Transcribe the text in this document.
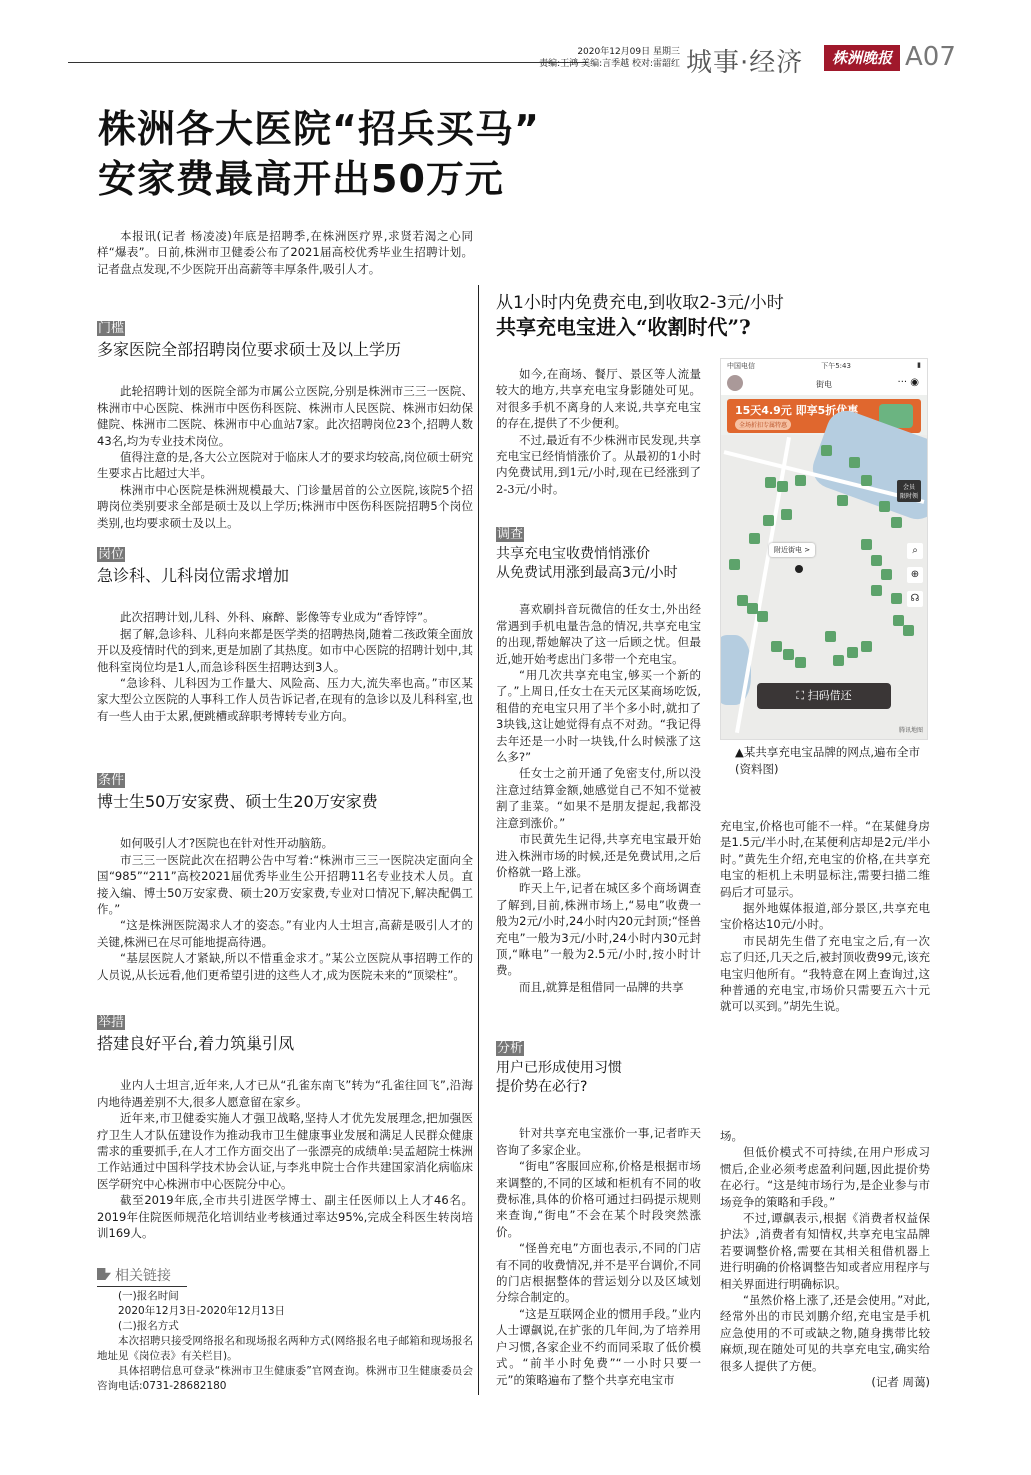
2020年12月09日 星期三
责编:王鸿 美编:言季越 校对:雷韶红 城事·经济	株洲晚报 A07
株洲各大医院“招兵买马”
安家费最高开出50万元

本报讯(记者 杨凌凌)年底是招聘季,在株洲医疗界,求贤若渴之心同样“爆表”。日前,株洲市卫健委公布了2021届高校优秀毕业生招聘计划。记者盘点发现,不少医院开出高薪等丰厚条件,吸引人才。

门槛
多家医院全部招聘岗位要求硕士及以上学历

此轮招聘计划的医院全部为市属公立医院,分别是株洲市三三一医院、株洲市中心医院、株洲市中医伤科医院、株洲市人民医院、株洲市妇幼保健院、株洲市二医院、株洲市中心血站7家。此次招聘岗位23个,招聘人数43名,均为专业技术岗位。

值得注意的是,各大公立医院对于临床人才的要求均较高,岗位硕士研究生要求占比超过大半。

株洲市中心医院是株洲规模最大、门诊量居首的公立医院,该院5个招聘岗位类别要求全部是硕士及以上学历;株洲市中医伤科医院招聘5个岗位类别,也均要求硕士及以上。

岗位
急诊科、儿科岗位需求增加

此次招聘计划,儿科、外科、麻醉、影像等专业成为“香饽饽”。

据了解,急诊科、儿科向来都是医学类的招聘热岗,随着二孩政策全面放开以及疫情时代的到来,更是加剧了其热度。如市中心医院的招聘计划中,其他科室岗位均是1人,而急诊科医生招聘达到3人。

“急诊科、儿科因为工作量大、风险高、压力大,流失率也高。”市区某家大型公立医院的人事科工作人员告诉记者,在现有的急诊以及儿科科室,也有一些人由于太累,便跳槽或辞职考博转专业方向。

条件
博士生50万安家费、硕士生20万安家费

如何吸引人才?医院也在针对性开动脑筋。

市三三一医院此次在招聘公告中写着:“株洲市三三一医院决定面向全国“985”“211”高校2021届优秀毕业生公开招聘11名专业技术人员。直接入编、博士50万安家费、硕士20万安家费,专业对口情况下,解决配偶工作。”

“这是株洲医院渴求人才的姿态。”有业内人士坦言,高薪是吸引人才的关键,株洲已在尽可能地提高待遇。

“基层医院人才紧缺,所以不惜重金求才。”某公立医院从事招聘工作的人员说,从长远看,他们更希望引进的这些人才,成为医院未来的“顶梁柱”。

举措
搭建良好平台,着力筑巢引凤

业内人士坦言,近年来,人才已从“孔雀东南飞”转为“孔雀往回飞”,沿海内地待遇差别不大,很多人愿意留在家乡。

近年来,市卫健委实施人才强卫战略,坚持人才优先发展理念,把加强医疗卫生人才队伍建设作为推动我市卫生健康事业发展和满足人民群众健康需求的重要抓手,在人才工作方面交出了一张漂亮的成绩单:吴孟超院士株洲工作站通过中国科学技术协会认证,与李兆申院士合作共建国家消化病临床医学研究中心株洲市中心医院分中心。

截至2019年底,全市共引进医学博士、副主任医师以上人才46名。2019年住院医师规范化培训结业考核通过率达95%,完成全科医生转岗培训169人。

相关链接

(一)报名时间

2020年12月3日-2020年12月13日

(二)报名方式

本次招聘只接受网络报名和现场报名两种方式(网络报名电子邮箱和现场报名地址见《岗位表》有关栏目)。

具体招聘信息可登录“株洲市卫生健康委”官网查询。株洲市卫生健康委员会咨询电话:0731-28682180

从1小时内免费充电,到收取2-3元/小时
共享充电宝进入“收割时代”?

如今,在商场、餐厅、景区等人流量较大的地方,共享充电宝身影随处可见。对很多手机不离身的人来说,共享充电宝的存在,提供了不少便利。

不过,最近有不少株洲市民发现,共享充电宝已经悄悄涨价了。从最初的1小时内免费试用,到1元/小时,现在已经涨到了2-3元/小时。

调查
共享充电宝收费悄悄涨价
从免费试用涨到最高3元/小时

喜欢刷抖音玩微信的任女士,外出经常遇到手机电量告急的情况,共享充电宝的出现,帮她解决了这一后顾之忧。但最近,她开始考虑出门多带一个充电宝。

“用几次共享充电宝,够买一个新的了。”上周日,任女士在天元区某商场吃饭,租借的充电宝只用了半个多小时,就扣了3块钱,这让她觉得有点不对劲。“我记得去年还是一小时一块钱,什么时候涨了这么多?”

任女士之前开通了免密支付,所以没注意过结算金额,她感觉自己不知不觉被割了韭菜。“如果不是朋友提起,我都没注意到涨价。”

市民黄先生记得,共享充电宝最开始进入株洲市场的时候,还是免费试用,之后价格就一路上涨。

昨天上午,记者在城区多个商场调查了解到,目前,株洲市场上,“易电”收费一般为2元/小时,24小时内20元封顶;“怪兽充电”一般为3元/小时,24小时内30元封顶,“咻电”一般为2.5元/小时,按小时计费。

而且,就算是租借同一品牌的共享

中国电信	下午5:43	▮
街电	··· ◉
15天4.9元 即享5折优惠
全场折扣专属特惠
附近街电 >
会员
限时领
⌕
⊕
☊
⛶ 扫码借还
腾讯地图
▲某共享充电宝品牌的网点,遍布全市(资料图)

充电宝,价格也可能不一样。“在某健身房是1.5元/半小时,在某便利店却是2元/半小时。”黄先生介绍,充电宝的价格,在共享充电宝的柜机上未明显标注,需要扫描二维码后才可显示。

据外地媒体报道,部分景区,共享充电宝价格达10元/小时。

市民胡先生借了充电宝之后,有一次忘了归还,几天之后,被封顶收费99元,该充电宝归他所有。“我特意在网上查询过,这种普通的充电宝,市场价只需要五六十元就可以买到。”胡先生说。

分析
用户已形成使用习惯
提价势在必行?

针对共享充电宝涨价一事,记者昨天咨询了多家企业。

“街电”客服回应称,价格是根据市场来调整的,不同的区域和柜机有不同的收费标准,具体的价格可通过扫码提示规则来查询,“街电”不会在某个时段突然涨价。

“怪兽充电”方面也表示,不同的门店有不同的收费情况,并不是平台调价,不同的门店根据整体的营运划分以及区域划分综合制定的。

“这是互联网企业的惯用手段。”业内人士谭飙说,在扩张的几年间,为了培养用户习惯,各家企业不约而同采取了低价模式。“前半小时免费”“一小时只要一元”的策略遍布了整个共享充电宝市

场。

但低价模式不可持续,在用户形成习惯后,企业必须考虑盈利问题,因此提价势在必行。“这是纯市场行为,是企业参与市场竞争的策略和手段。”

不过,谭飙表示,根据《消费者权益保护法》,消费者有知情权,共享充电宝品牌若要调整价格,需要在其相关租借机器上进行明确的价格调整告知或者应用程序与相关界面进行明确标识。

“虽然价格上涨了,还是会使用。”对此,经常外出的市民刘鹏介绍,充电宝是手机应急使用的不可或缺之物,随身携带比较麻烦,现在随处可见的共享充电宝,确实给很多人提供了方便。

(记者 周蔼)
